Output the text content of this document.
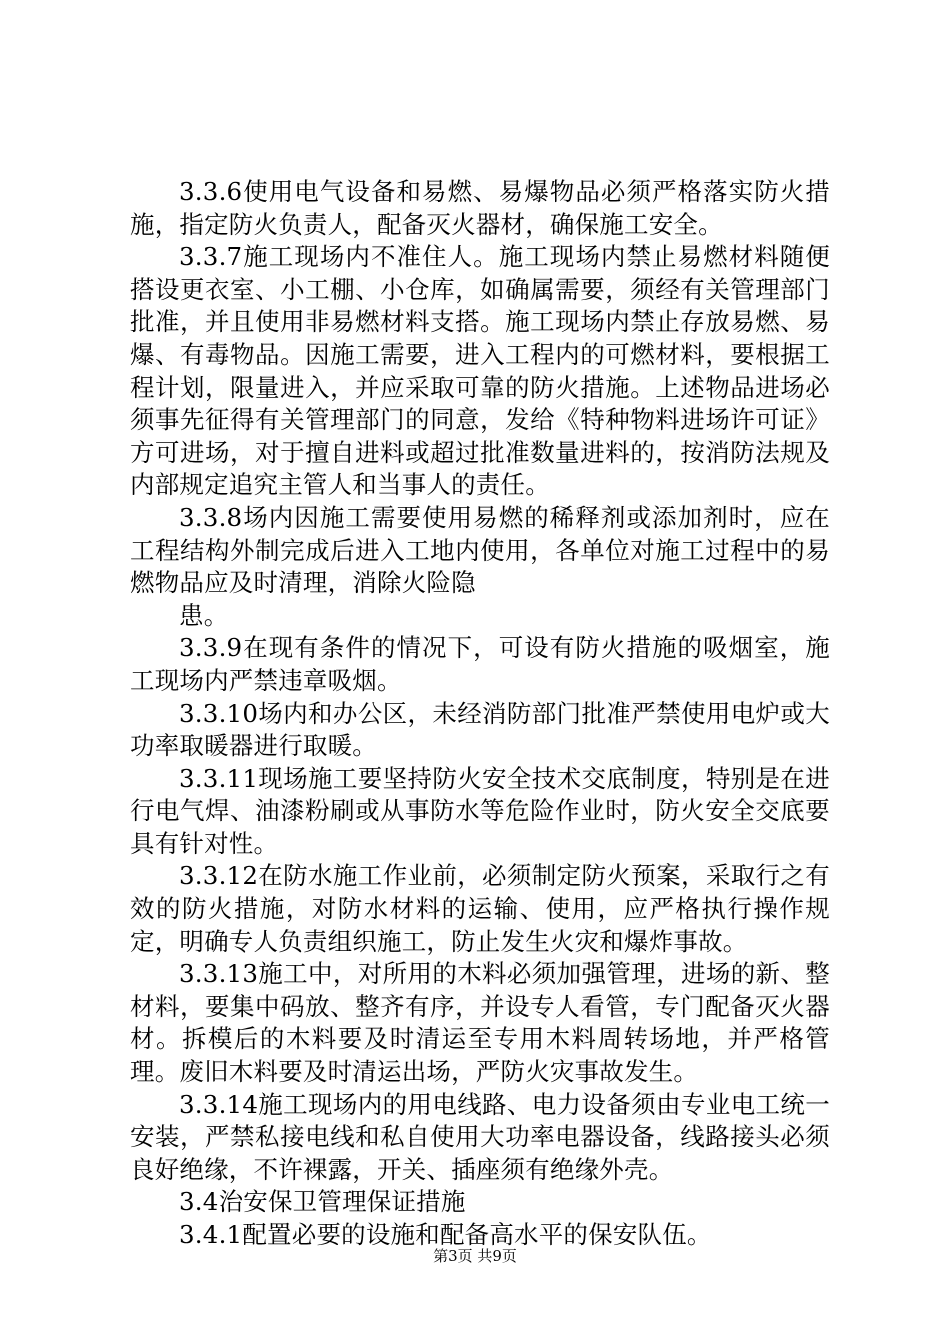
3.3.6使用电气设备和易燃、易爆物品必须严格落实防火措施，指定防火负责人，配备灭火器材，确保施工安全。

3.3.7施工现场内不准住人。施工现场内禁止易燃材料随便搭设更衣室、小工棚、小仓库，如确属需要，须经有关管理部门批准，并且使用非易燃材料支搭。施工现场内禁止存放易燃、易爆、有毒物品。因施工需要，进入工程内的可燃材料，要根据工程计划，限量进入，并应采取可靠的防火措施。上述物品进场必须事先征得有关管理部门的同意，发给《特种物料进场许可证》方可进场，对于擅自进料或超过批准数量进料的，按消防法规及内部规定追究主管人和当事人的责任。

3.3.8场内因施工需要使用易燃的稀释剂或添加剂时，应在工程结构外制完成后进入工地内使用，各单位对施工过程中的易燃物品应及时清理，消除火险隐

患。

3.3.9在现有条件的情况下，可设有防火措施的吸烟室，施工现场内严禁违章吸烟。

3.3.10场内和办公区，未经消防部门批准严禁使用电炉或大功率取暖器进行取暖。

3.3.11现场施工要坚持防火安全技术交底制度，特别是在进行电气焊、油漆粉刷或从事防水等危险作业时，防火安全交底要具有针对性。

3.3.12在防水施工作业前，必须制定防火预案，采取行之有效的防火措施，对防水材料的运输、使用，应严格执行操作规定，明确专人负责组织施工，防止发生火灾和爆炸事故。

3.3.13施工中，对所用的木料必须加强管理，进场的新、整材料，要集中码放、整齐有序，并设专人看管，专门配备灭火器材。拆模后的木料要及时清运至专用木料周转场地，并严格管理。废旧木料要及时清运出场，严防火灾事故发生。

3.3.14施工现场内的用电线路、电力设备须由专业电工统一安装，严禁私接电线和私自使用大功率电器设备，线路接头必须良好绝缘，不许裸露，开关、插座须有绝缘外壳。

3.4治安保卫管理保证措施

3.4.1配置必要的设施和配备高水平的保安队伍。

第3页 共9页
